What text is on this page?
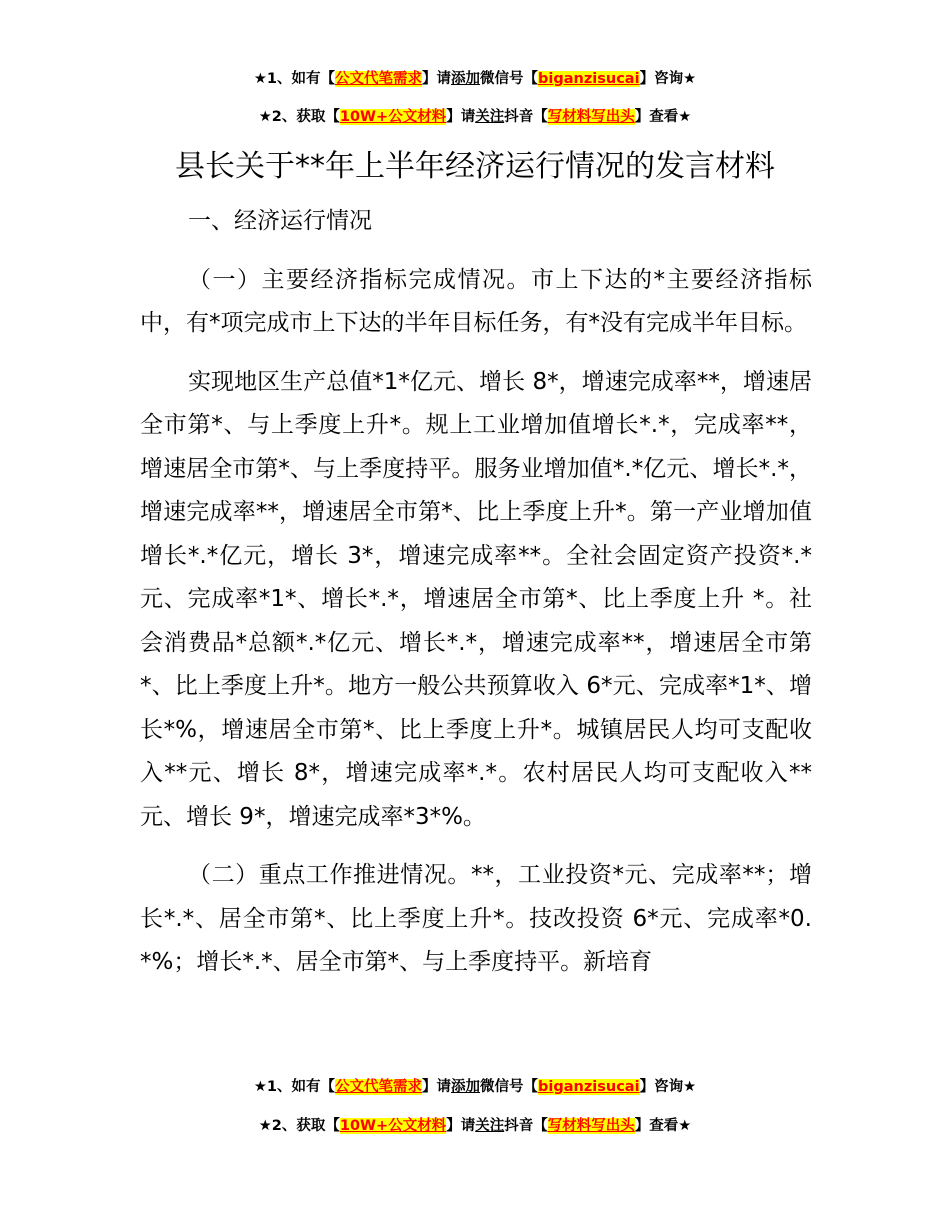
★1、如有【公文代笔需求】请添加微信号【biganzisucai】咨询★
★2、获取【10W+公文材料】请关注抖音【写材料写出头】查看★
县长关于**年上半年经济运行情况的发言材料

一、经济运行情况

（一）主要经济指标完成情况。市上下达的*主要经济指标中，有*项完成市上下达的半年目标任务，有*没有完成半年目标。

实现地区生产总值*1*亿元、增长 8*，增速完成率**，增速居全市第*、与上季度上升*。规上工业增加值增长*.*，完成率**，增速居全市第*、与上季度持平。服务业增加值*.*亿元、增长*.*，增速完成率**，增速居全市第*、比上季度上升*。第一产业增加值增长*.*亿元，增长 3*，增速完成率**。全社会固定资产投资*.*元、完成率*1*、增长*.*，增速居全市第*、比上季度上升 *。社会消费品*总额*.*亿元、增长*.*，增速完成率**，增速居全市第*、比上季度上升*。地方一般公共预算收入 6*元、完成率*1*、增长*%，增速居全市第*、比上季度上升*。城镇居民人均可支配收入**元、增长 8*，增速完成率*.*。农村居民人均可支配收入**元、增长 9*，增速完成率*3*%。

（二）重点工作推进情况。**，工业投资*元、完成率**；增长*.*、居全市第*、比上季度上升*。技改投资 6*元、完成率*0.*%；增长*.*、居全市第*、与上季度持平。新培育

★1、如有【公文代笔需求】请添加微信号【biganzisucai】咨询★
★2、获取【10W+公文材料】请关注抖音【写材料写出头】查看★
